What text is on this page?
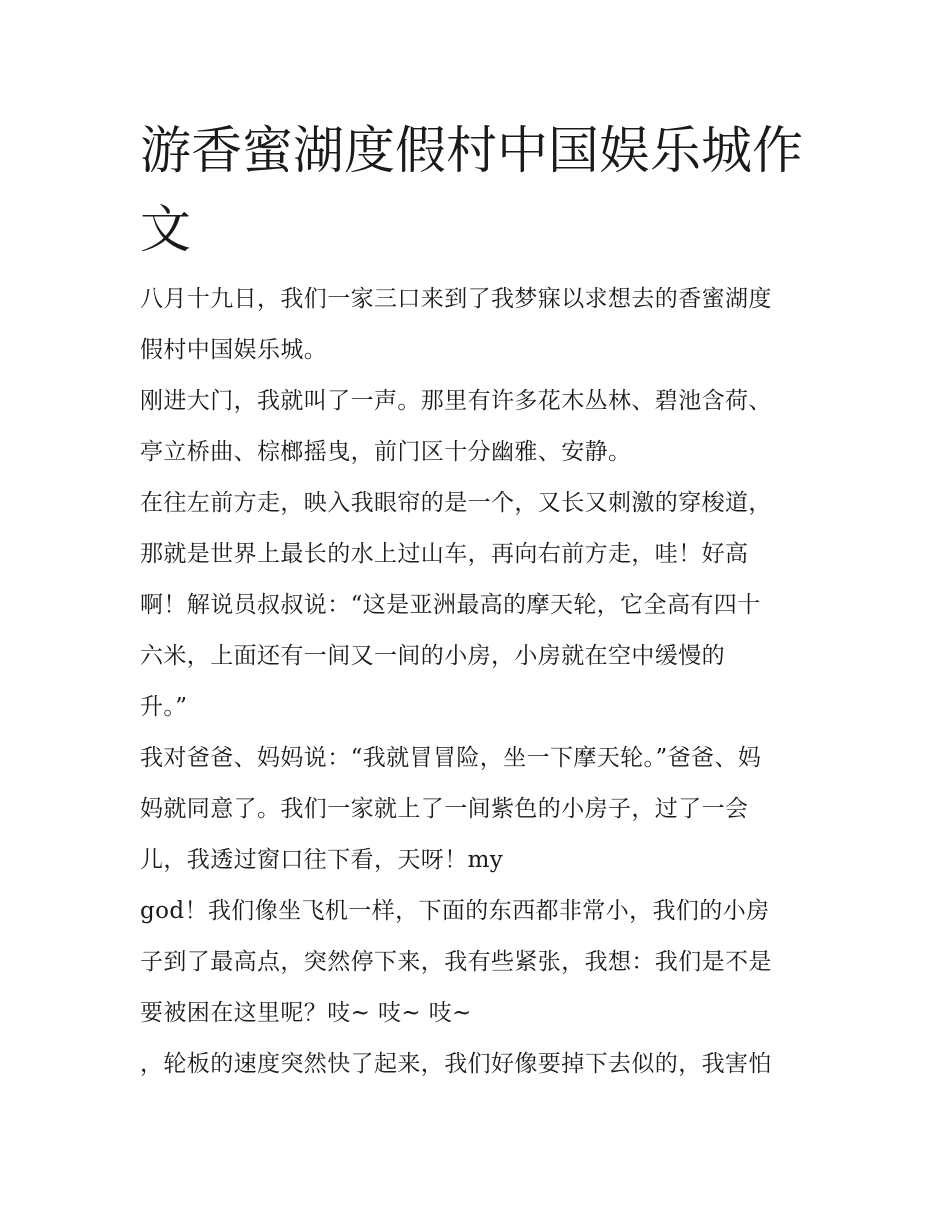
游香蜜湖度假村中国娱乐城作
文
八月十九日，我们一家三口来到了我梦寐以求想去的香蜜湖度
假村中国娱乐城。
刚进大门，我就叫了一声。那里有许多花木丛林、碧池含荷、
亭立桥曲、棕榔摇曳，前门区十分幽雅、安静。
在往左前方走，映入我眼帘的是一个，又长又刺激的穿梭道，
那就是世界上最长的水上过山车，再向右前方走，哇！好高
啊！解说员叔叔说：“这是亚洲最高的摩天轮，它全高有四十
六米，上面还有一间又一间的小房，小房就在空中缓慢的
升。”
我对爸爸、妈妈说：“我就冒冒险，坐一下摩天轮。”爸爸、妈
妈就同意了。我们一家就上了一间紫色的小房子，过了一会
儿，我透过窗口往下看，天呀！my
god！我们像坐飞机一样，下面的东西都非常小，我们的小房
子到了最高点，突然停下来，我有些紧张，我想：我们是不是
要被困在这里呢？吱~ 吱~ 吱~
，轮板的速度突然快了起来，我们好像要掉下去似的，我害怕
